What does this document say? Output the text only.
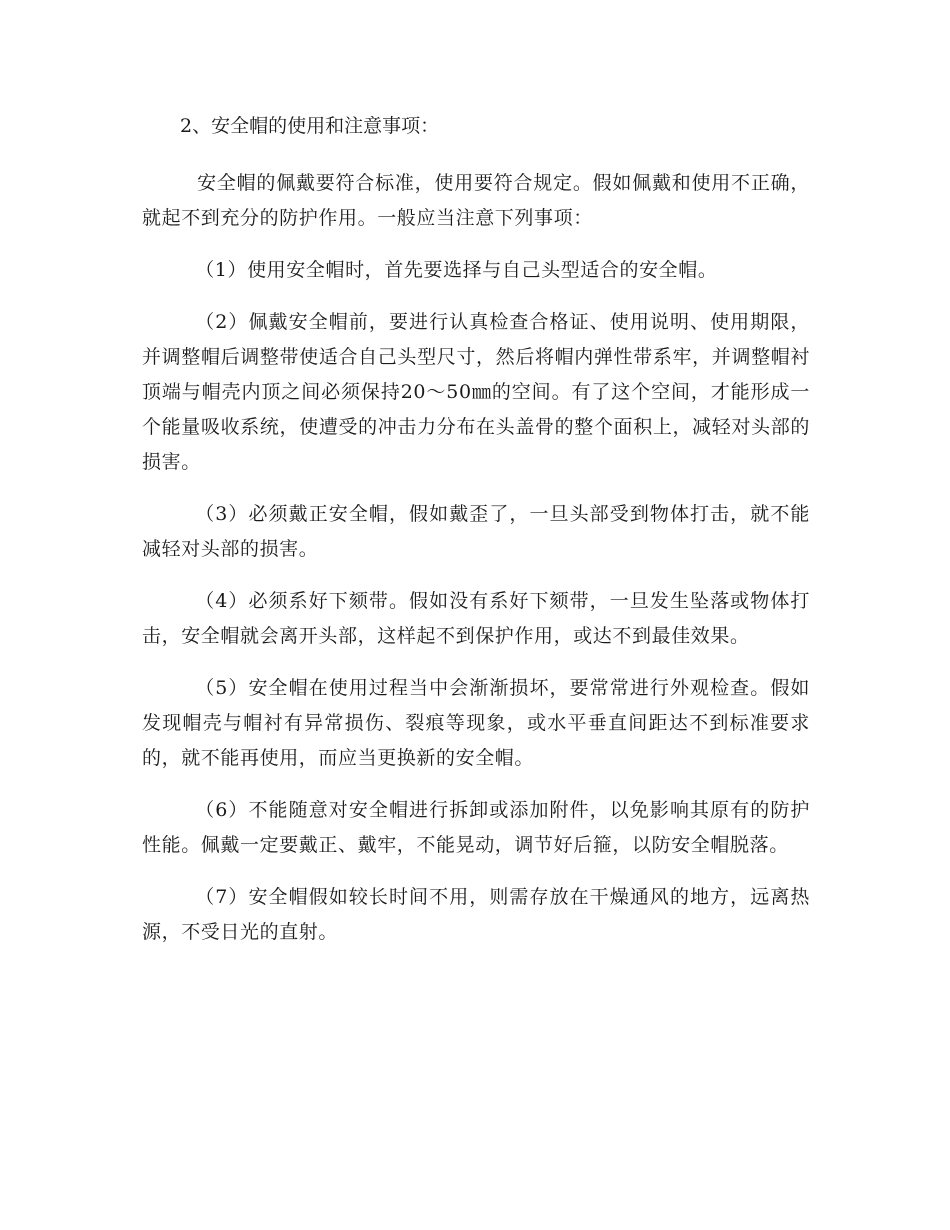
2、安全帽的使用和注意事项：

安全帽的佩戴要符合标准，使用要符合规定。假如佩戴和使用不正确，就起不到充分的防护作用。一般应当注意下列事项：

（1）使用安全帽时，首先要选择与自己头型适合的安全帽。

（2）佩戴安全帽前，要进行认真检查合格证、使用说明、使用期限，并调整帽后调整带使适合自己头型尺寸，然后将帽内弹性带系牢，并调整帽衬顶端与帽壳内顶之间必须保持20～50㎜的空间。有了这个空间，才能形成一个能量吸收系统，使遭受的冲击力分布在头盖骨的整个面积上，减轻对头部的损害。

（3）必须戴正安全帽，假如戴歪了，一旦头部受到物体打击，就不能减轻对头部的损害。

（4）必须系好下颏带。假如没有系好下颏带，一旦发生坠落或物体打击，安全帽就会离开头部，这样起不到保护作用，或达不到最佳效果。

（5）安全帽在使用过程当中会渐渐损坏，要常常进行外观检查。假如发现帽壳与帽衬有异常损伤、裂痕等现象，或水平垂直间距达不到标准要求的，就不能再使用，而应当更换新的安全帽。

（6）不能随意对安全帽进行拆卸或添加附件，以免影响其原有的防护性能。佩戴一定要戴正、戴牢，不能晃动，调节好后箍，以防安全帽脱落。

（7）安全帽假如较长时间不用，则需存放在干燥通风的地方，远离热源，不受日光的直射。
